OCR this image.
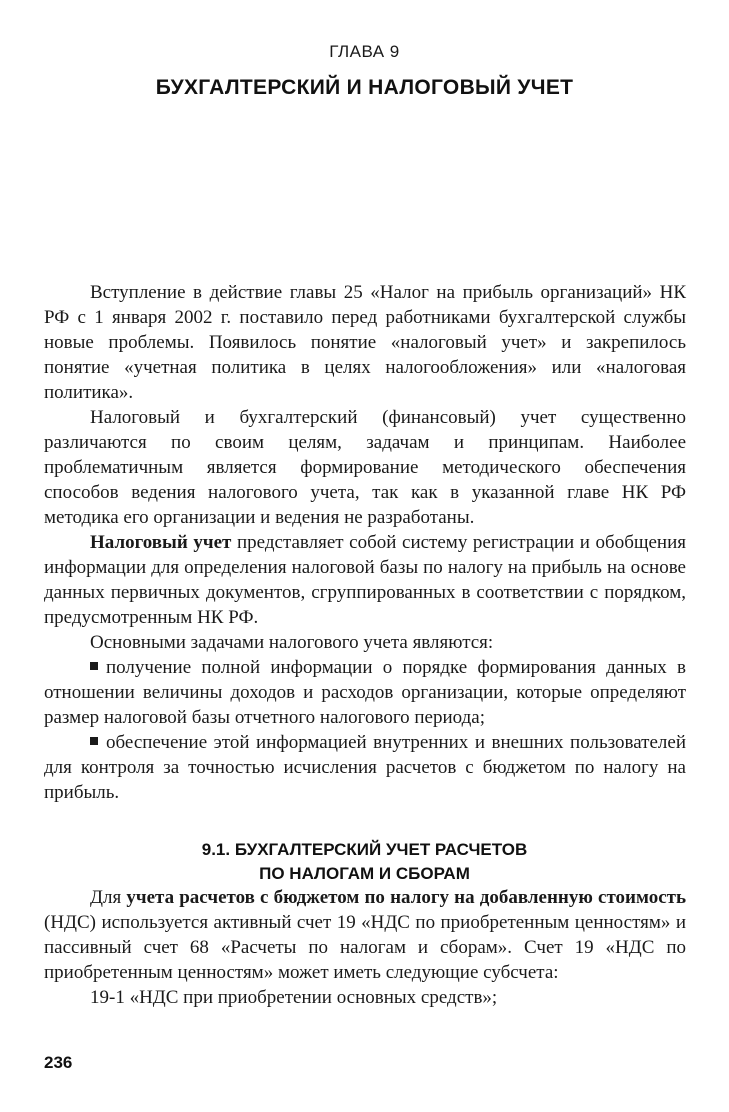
ГЛАВА 9
БУХГАЛТЕРСКИЙ И НАЛОГОВЫЙ УЧЕТ

Вступление в действие главы 25 «Налог на прибыль организаций» НК РФ с 1 января 2002 г. поставило перед работниками бухгалтерской службы новые проблемы. Появилось понятие «налоговый учет» и закрепилось понятие «учетная политика в целях налогообложения» или «налоговая политика».

Налоговый и бухгалтерский (финансовый) учет существенно различаются по своим целям, задачам и принципам. Наиболее проблематичным является формирование методического обеспечения способов ведения налогового учета, так как в указанной главе НК РФ методика его организации и ведения не разработаны.

Налоговый учет представляет собой систему регистрации и обобщения информации для определения налоговой базы по налогу на прибыль на основе данных первичных документов, сгруппированных в соответствии с порядком, предусмотренным НК РФ.

Основными задачами налогового учета являются:

получение полной информации о порядке формирования данных в отношении величины доходов и расходов организации, которые определяют размер налоговой базы отчетного налогового периода;

обеспечение этой информацией внутренних и внешних пользователей для контроля за точностью исчисления расчетов с бюджетом по налогу на прибыль.

9.1. БУХГАЛТЕРСКИЙ УЧЕТ РАСЧЕТОВ
ПО НАЛОГАМ И СБОРАМ

Для учета расчетов с бюджетом по налогу на добавленную стоимость (НДС) используется активный счет 19 «НДС по приобретенным ценностям» и пассивный счет 68 «Расчеты по налогам и сборам». Счет 19 «НДС по приобретенным ценностям» может иметь следующие субсчета:

19-1 «НДС при приобретении основных средств»;

236
